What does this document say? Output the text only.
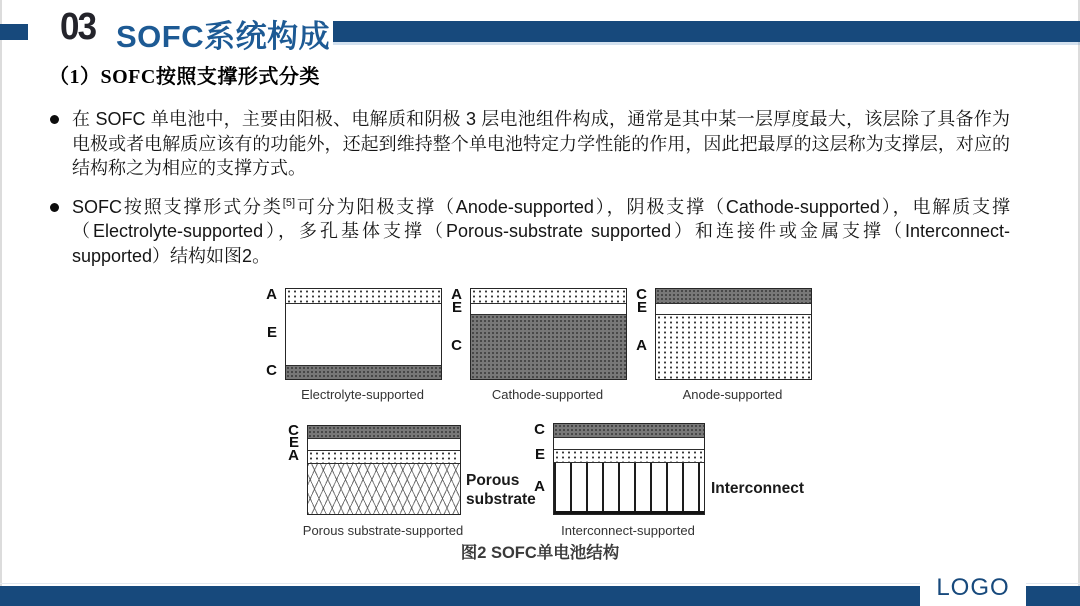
03 SOFC系统构成
（1）SOFC按照支撑形式分类

在 SOFC 单电池中，主要由阳极、电解质和阴极 3 层电池组件构成，通常是其中某一层厚度最大，该层除了具备作为电极或者电解质应该有的功能外，还起到维持整个单电池特定力学性能的作用，因此把最厚的这层称为支撑层，对应的结构称之为相应的支撑方式。

SOFC按照支撑形式分类[5]可分为阳极支撑（Anode-supported），阴极支撑（Cathode-supported），电解质支撑（Electrolyte-supported），多孔基体支撑（Porous-substrate supported）和连接件或金属支撑（Interconnect-supported）结构如图2。

C
E
A
Interconnect-supported
Interconnect
C
E
A
Porous substrate-supported
Porous substrate
C
E
A
Anode-supported
A
E
C
Cathode-supported
A
E
C
Electrolyte-supported
图2 SOFC单电池结构
LOGO
